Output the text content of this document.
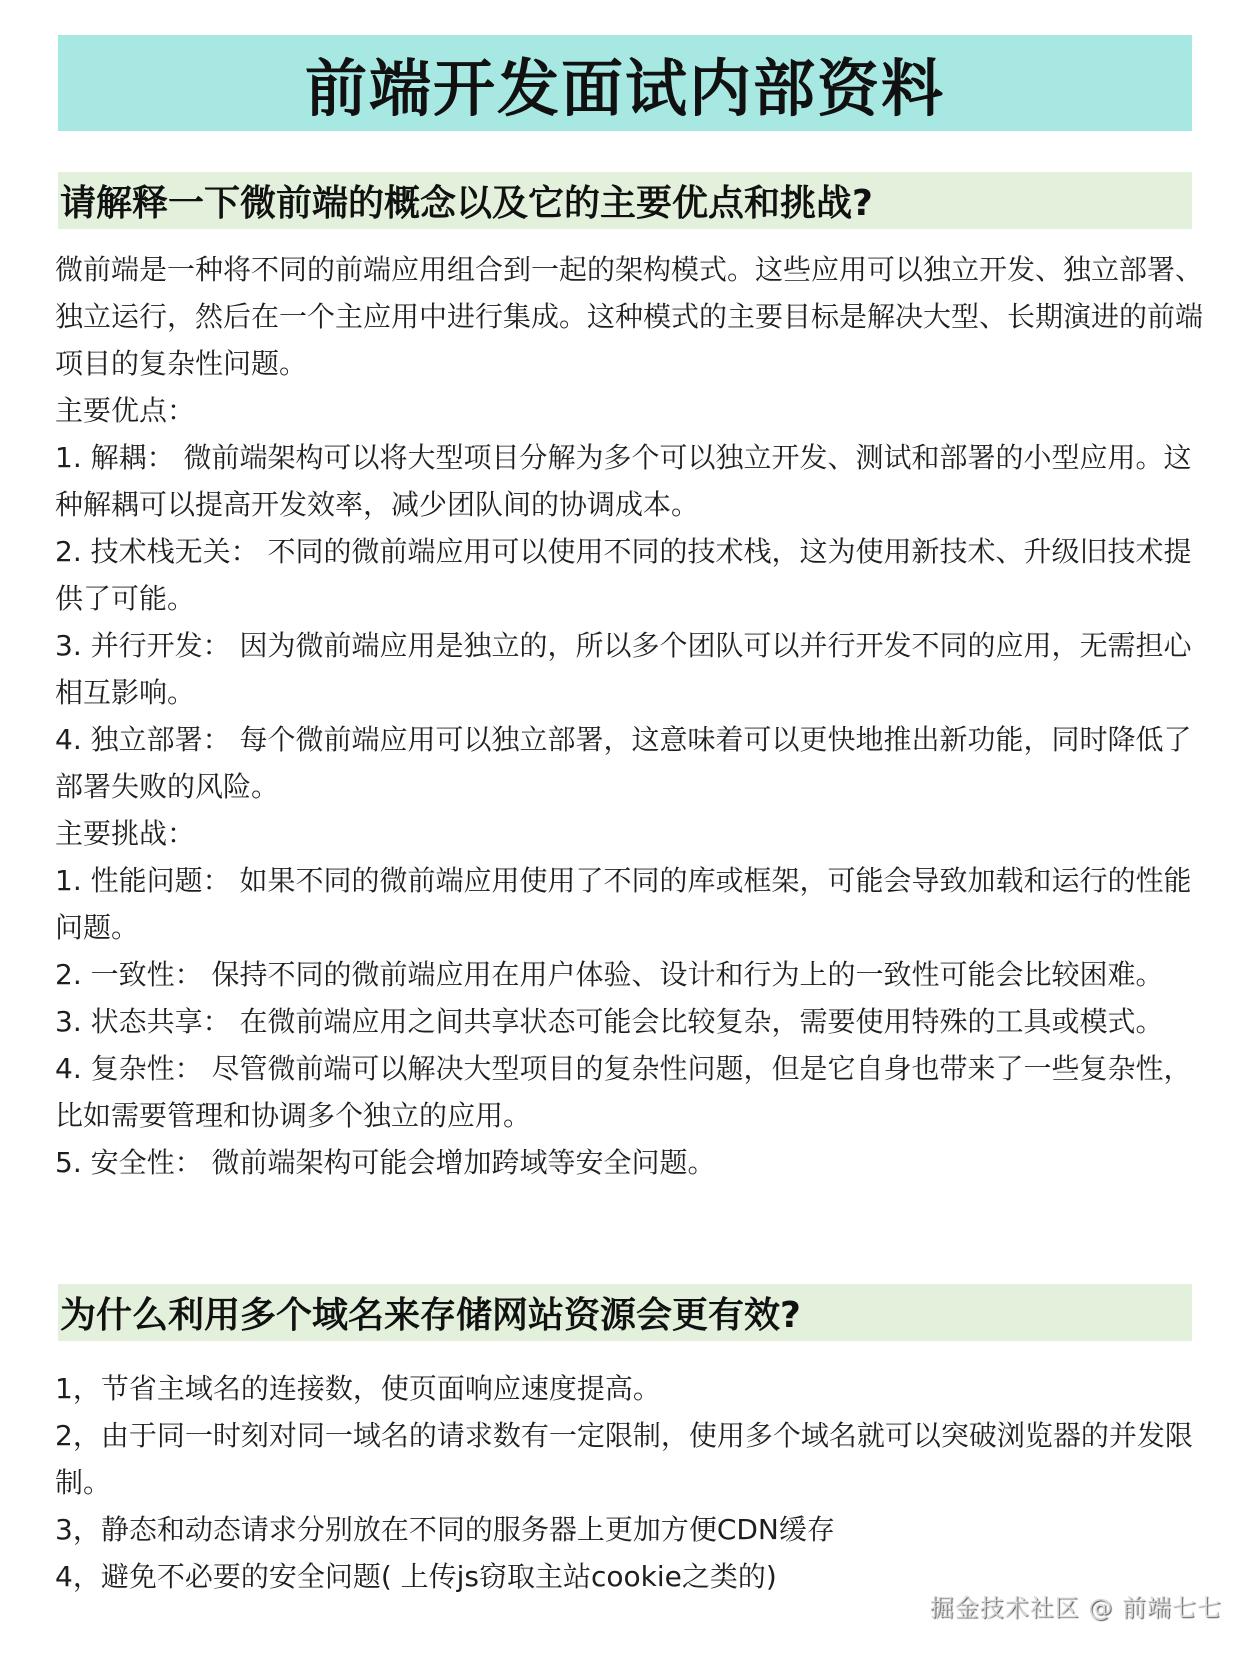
前端开发面试内部资料
请解释一下微前端的概念以及它的主要优点和挑战?

微前端是一种将不同的前端应用组合到一起的架构模式。这些应用可以独立开发、独立部署、独立运行，然后在一个主应用中进行集成。这种模式的主要目标是解决大型、长期演进的前端项目的复杂性问题。

主要优点：

1. 解耦： 微前端架构可以将大型项目分解为多个可以独立开发、测试和部署的小型应用。这种解耦可以提高开发效率，减少团队间的协调成本。

2. 技术栈无关： 不同的微前端应用可以使用不同的技术栈，这为使用新技术、升级旧技术提供了可能。

3. 并行开发： 因为微前端应用是独立的，所以多个团队可以并行开发不同的应用，无需担心相互影响。

4. 独立部署： 每个微前端应用可以独立部署，这意味着可以更快地推出新功能，同时降低了部署失败的风险。

主要挑战：

1. 性能问题： 如果不同的微前端应用使用了不同的库或框架，可能会导致加载和运行的性能问题。

2. 一致性： 保持不同的微前端应用在用户体验、设计和行为上的一致性可能会比较困难。

3. 状态共享： 在微前端应用之间共享状态可能会比较复杂，需要使用特殊的工具或模式。

4. 复杂性： 尽管微前端可以解决大型项目的复杂性问题，但是它自身也带来了一些复杂性，比如需要管理和协调多个独立的应用。

5. 安全性： 微前端架构可能会增加跨域等安全问题。

为什么利用多个域名来存储网站资源会更有效?

1，节省主域名的连接数，使页面响应速度提高。

2，由于同一时刻对同一域名的请求数有一定限制，使用多个域名就可以突破浏览器的并发限制。

3，静态和动态请求分别放在不同的服务器上更加方便CDN缓存

4，避免不必要的安全问题( 上传js窃取主站cookie之类的)

掘金技术社区 @ 前端七七
